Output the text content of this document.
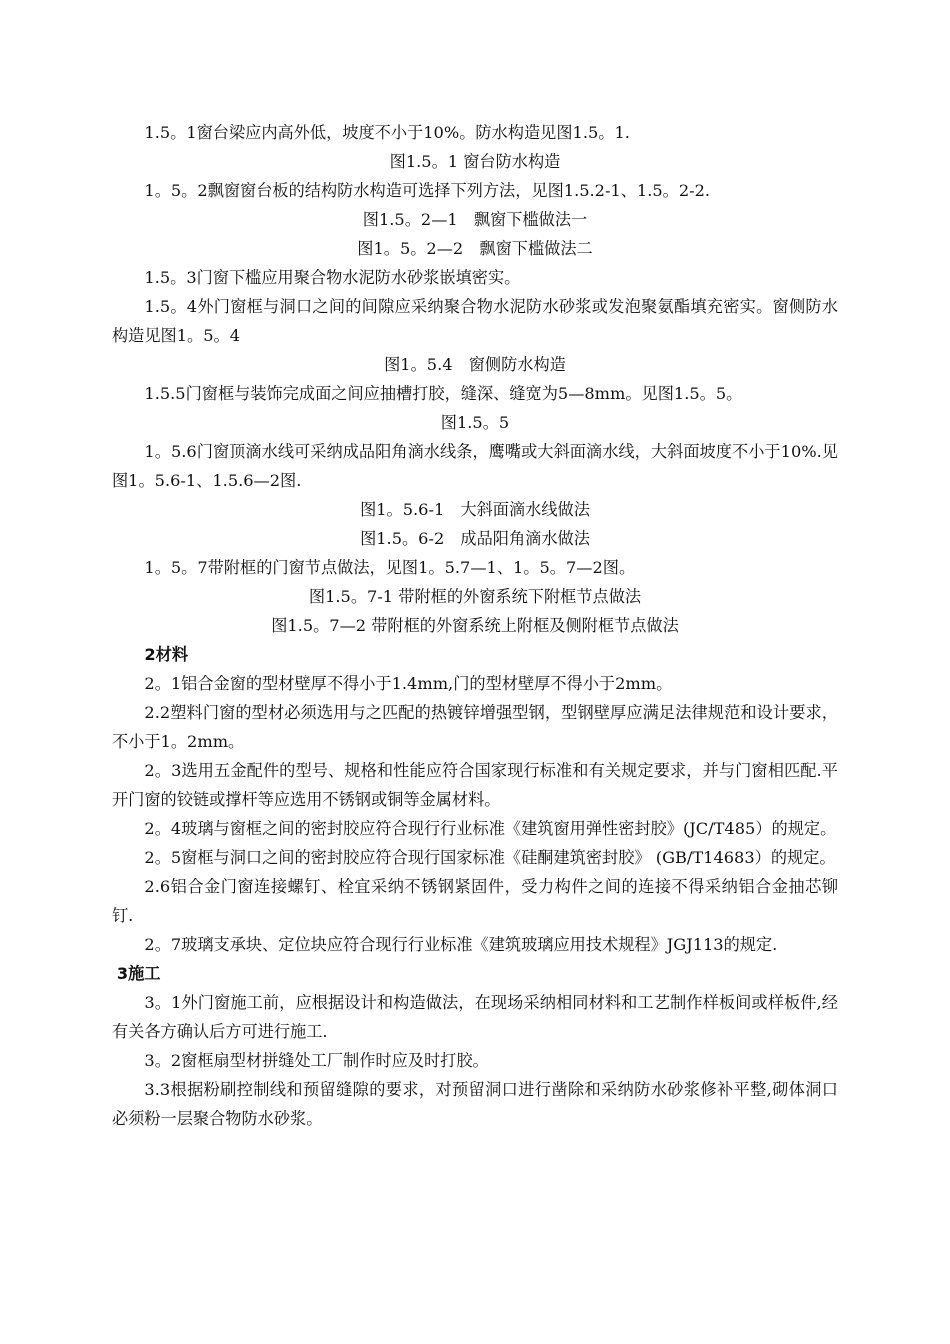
1.5。1窗台梁应内高外低，坡度不小于10%。防水构造见图1.5。1.

图1.5。1 窗台防水构造

1。5。2飘窗窗台板的结构防水构造可选择下列方法，见图1.5.2-1、1.5。2-2.

图1.5。2—1　飘窗下槛做法一

图1。5。2—2　飘窗下槛做法二

1.5。3门窗下槛应用聚合物水泥防水砂浆嵌填密实。

1.5。4外门窗框与洞口之间的间隙应采纳聚合物水泥防水砂浆或发泡聚氨酯填充密实。窗侧防水构造见图1。5。4

图1。5.4　窗侧防水构造

1.5.5门窗框与装饰完成面之间应抽槽打胶，缝深、缝宽为5—8mm。见图1.5。5。

图1.5。5

1。5.6门窗顶滴水线可采纳成品阳角滴水线条，鹰嘴或大斜面滴水线，大斜面坡度不小于10%.见图1。5.6-1、1.5.6—2图.

图1。5.6-1　大斜面滴水线做法

图1.5。6-2　成品阳角滴水做法

1。5。7带附框的门窗节点做法，见图1。5.7—1、1。5。7—2图。

图1.5。7-1 带附框的外窗系统下附框节点做法

图1.5。7—2 带附框的外窗系统上附框及侧附框节点做法

2材料

2。1铝合金窗的型材壁厚不得小于1.4mm,门的型材壁厚不得小于2mm。

2.2塑料门窗的型材必须选用与之匹配的热镀锌增强型钢，型钢壁厚应满足法律规范和设计要求，不小于1。2mm。

2。3选用五金配件的型号、规格和性能应符合国家现行标准和有关规定要求，并与门窗相匹配.平开门窗的铰链或撑杆等应选用不锈钢或铜等金属材料。

2。4玻璃与窗框之间的密封胶应符合现行行业标准《建筑窗用弹性密封胶》(JC/T485）的规定。

2。5窗框与洞口之间的密封胶应符合现行国家标准《硅酮建筑密封胶》 (GB/T14683）的规定。

2.6铝合金门窗连接螺钉、栓宜采纳不锈钢紧固件，受力构件之间的连接不得采纳铝合金抽芯铆钉.

2。7玻璃支承块、定位块应符合现行行业标准《建筑玻璃应用技术规程》JGJ113的规定.

3施工

3。1外门窗施工前，应根据设计和构造做法，在现场采纳相同材料和工艺制作样板间或样板件,经有关各方确认后方可进行施工.

3。2窗框扇型材拼缝处工厂制作时应及时打胶。

3.3根据粉刷控制线和预留缝隙的要求，对预留洞口进行凿除和采纳防水砂浆修补平整,砌体洞口必须粉一层聚合物防水砂浆。
